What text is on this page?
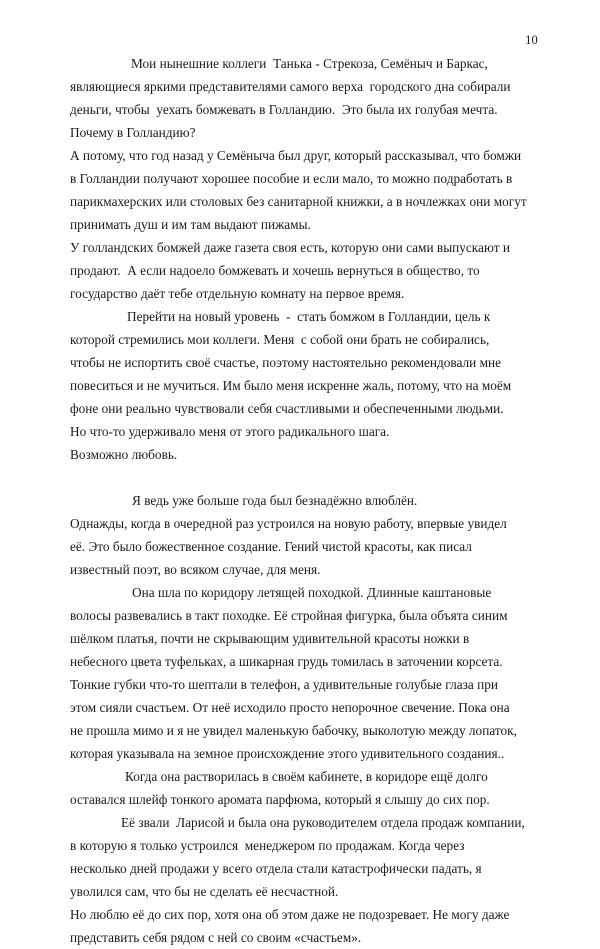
10
Мои нынешние коллеги  Танька - Стрекоза, Семёныч и Баркас,
являющиеся яркими представителями самого верха  городского дна собирали
деньги, чтобы  уехать бомжевать в Голландию.  Это была их голубая мечта.
Почему в Голландию?
А потому, что год назад у Семёныча был друг, который рассказывал, что бомжи
в Голландии получают хорошее пособие и если мало, то можно подработать в
парикмахерских или столовых без санитарной книжки, а в ночлежках они могут
принимать душ и им там выдают пижамы.
У голландских бомжей даже газета своя есть, которую они сами выпускают и
продают.  А если надоело бомжевать и хочешь вернуться в общество, то
государство даёт тебе отдельную комнату на первое время.
Перейти на новый уровень  -  стать бомжом в Голландии, цель к
которой стремились мои коллеги. Меня  с собой они брать не собирались,
чтобы не испортить своё счастье, поэтому настоятельно рекомендовали мне
повеситься и не мучиться. Им было меня искренне жаль, потому, что на моём
фоне они реально чувствовали себя счастливыми и обеспеченными людьми.
Но что-то удерживало меня от этого радикального шага.
Возможно любовь.
Я ведь уже больше года был безнадёжно влюблён.
Однажды, когда в очередной раз устроился на новую работу, впервые увидел
её. Это было божественное создание. Гений чистой красоты, как писал
известный поэт, во всяком случае, для меня.
Она шла по коридору летящей походкой. Длинные каштановые
волосы развевались в такт походке. Её стройная фигурка, была объята синим
шёлком платья, почти не скрывающим удивительной красоты ножки в
небесного цвета туфельках, а шикарная грудь томилась в заточении корсета.
Тонкие губки что-то шептали в телефон, а удивительные голубые глаза при
этом сияли счастьем. От неё исходило просто непорочное свечение. Пока она
не прошла мимо и я не увидел маленькую бабочку, выколотую между лопаток,
которая указывала на земное происхождение этого удивительного создания..
Когда она растворилась в своём кабинете, в коридоре ещё долго
оставался шлейф тонкого аромата парфюма, который я слышу до сих пор.
Её звали  Ларисой и была она руководителем отдела продаж компании,
в которую я только устроился  менеджером по продажам. Когда через
несколько дней продажи у всего отдела стали катастрофически падать, я
уволился сам, что бы не сделать её несчастной.
Но люблю её до сих пор, хотя она об этом даже не подозревает. Не могу даже
представить себя рядом с ней со своим «счастьем».
